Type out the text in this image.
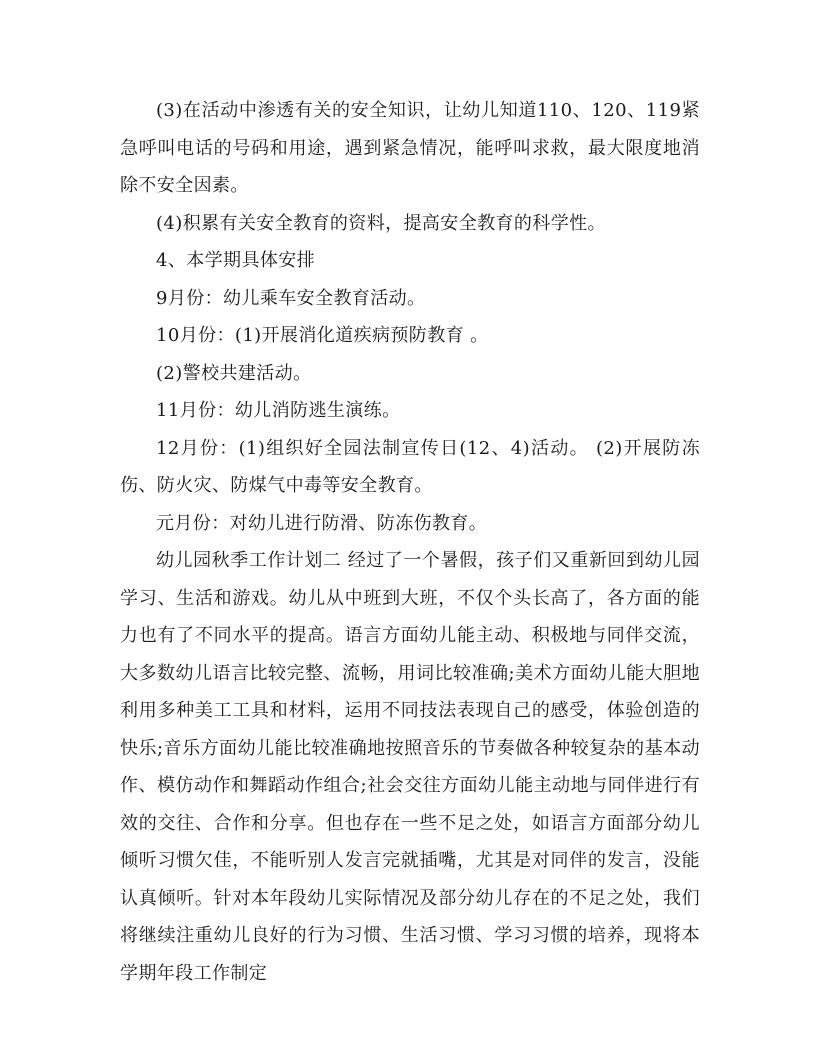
(3)在活动中渗透有关的安全知识，让幼儿知道110、120、119紧急呼叫电话的号码和用途，遇到紧急情况，能呼叫求救，最大限度地消除不安全因素。

(4)积累有关安全教育的资料，提高安全教育的科学性。

4、本学期具体安排

9月份：幼儿乘车安全教育活动。

10月份：(1)开展消化道疾病预防教育 。

(2)警校共建活动。

11月份：幼儿消防逃生演练。

12月份：(1)组织好全园法制宣传日(12、4)活动。 (2)开展防冻伤、防火灾、防煤气中毒等安全教育。

元月份：对幼儿进行防滑、防冻伤教育。

幼儿园秋季工作计划二 经过了一个暑假，孩子们又重新回到幼儿园学习、生活和游戏。幼儿从中班到大班，不仅个头长高了，各方面的能力也有了不同水平的提高。语言方面幼儿能主动、积极地与同伴交流，大多数幼儿语言比较完整、流畅，用词比较准确;美术方面幼儿能大胆地利用多种美工工具和材料，运用不同技法表现自己的感受，体验创造的快乐;音乐方面幼儿能比较准确地按照音乐的节奏做各种较复杂的基本动作、模仿动作和舞蹈动作组合;社会交往方面幼儿能主动地与同伴进行有效的交往、合作和分享。但也存在一些不足之处，如语言方面部分幼儿倾听习惯欠佳，不能听别人发言完就插嘴，尤其是对同伴的发言，没能认真倾听。针对本年段幼儿实际情况及部分幼儿存在的不足之处，我们将继续注重幼儿良好的行为习惯、生活习惯、学习习惯的培养，现将本学期年段工作制定
